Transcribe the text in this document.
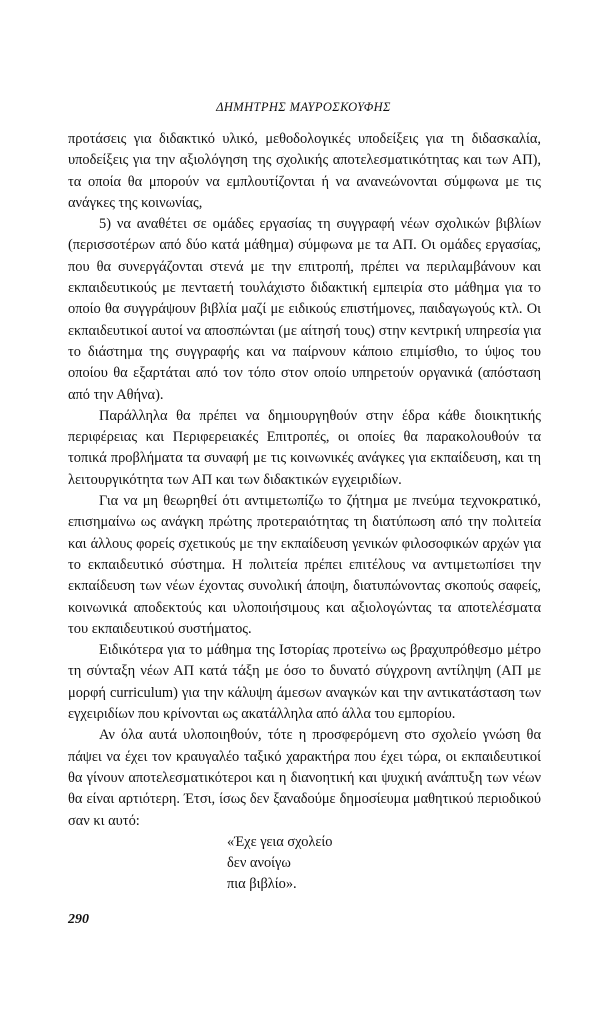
ΔΗΜΗΤΡΗΣ ΜΑΥΡΟΣΚΟΥΦΗΣ

προτάσεις για διδακτικό υλικό, μεθοδολογικές υποδείξεις για τη διδασκαλία, υποδείξεις για την αξιολόγηση της σχολικής αποτελεσματικότητας και των ΑΠ), τα οποία θα μπορούν να εμπλουτίζονται ή να ανανεώνονται σύμφωνα με τις ανάγκες της κοινωνίας,

5) να αναθέτει σε ομάδες εργασίας τη συγγραφή νέων σχολικών βιβλίων (περισσοτέρων από δύο κατά μάθημα) σύμφωνα με τα ΑΠ. Οι ομάδες εργασίας, που θα συνεργάζονται στενά με την επιτροπή, πρέπει να περιλαμβάνουν και εκπαιδευτικούς με πενταετή τουλάχιστο διδακτική εμπειρία στο μάθημα για το οποίο θα συγγράψουν βιβλία μαζί με ειδικούς επιστήμονες, παιδαγωγούς κτλ. Οι εκπαιδευτικοί αυτοί να αποσπώνται (με αίτησή τους) στην κεντρική υπηρεσία για το διάστημα της συγγραφής και να παίρνουν κάποιο επιμίσθιο, το ύψος του οποίου θα εξαρτάται από τον τόπο στον οποίο υπηρετούν οργανικά (απόσταση από την Αθήνα).

Παράλληλα θα πρέπει να δημιουργηθούν στην έδρα κάθε διοικητικής περιφέρειας και Περιφερειακές Επιτροπές, οι οποίες θα παρακολουθούν τα τοπικά προβλήματα τα συναφή με τις κοινωνικές ανάγκες για εκπαίδευση, και τη λειτουργικότητα των ΑΠ και των διδακτικών εγχειριδίων.

Για να μη θεωρηθεί ότι αντιμετωπίζω το ζήτημα με πνεύμα τεχνοκρατικό, επισημαίνω ως ανάγκη πρώτης προτεραιότητας τη διατύπωση από την πολιτεία και άλλους φορείς σχετικούς με την εκπαίδευση γενικών φιλοσοφικών αρχών για το εκπαιδευτικό σύστημα. Η πολιτεία πρέπει επιτέλους να αντιμετωπίσει την εκπαίδευση των νέων έχοντας συνολική άποψη, διατυπώνοντας σκοπούς σαφείς, κοινωνικά αποδεκτούς και υλοποιήσιμους και αξιολογώντας τα αποτελέσματα του εκπαιδευτικού συστήματος.

Ειδικότερα για το μάθημα της Ιστορίας προτείνω ως βραχυπρόθεσμο μέτρο τη σύνταξη νέων ΑΠ κατά τάξη με όσο το δυνατό σύγχρονη αντίληψη (ΑΠ με μορφή curriculum) για την κάλυψη άμεσων αναγκών και την αντικατάσταση των εγχειριδίων που κρίνονται ως ακατάλληλα από άλλα του εμπορίου.

Αν όλα αυτά υλοποιηθούν, τότε η προσφερόμενη στο σχολείο γνώση θα πάψει να έχει τον κραυγαλέο ταξικό χαρακτήρα που έχει τώρα, οι εκπαιδευτικοί θα γίνουν αποτελεσματικότεροι και η διανοητική και ψυχική ανάπτυξη των νέων θα είναι αρτιότερη. Έτσι, ίσως δεν ξαναδούμε δημοσίευμα μαθητικού περιοδικού σαν κι αυτό:

«Έχε γεια σχολείο
δεν ανοίγω
πια βιβλίο».
290
